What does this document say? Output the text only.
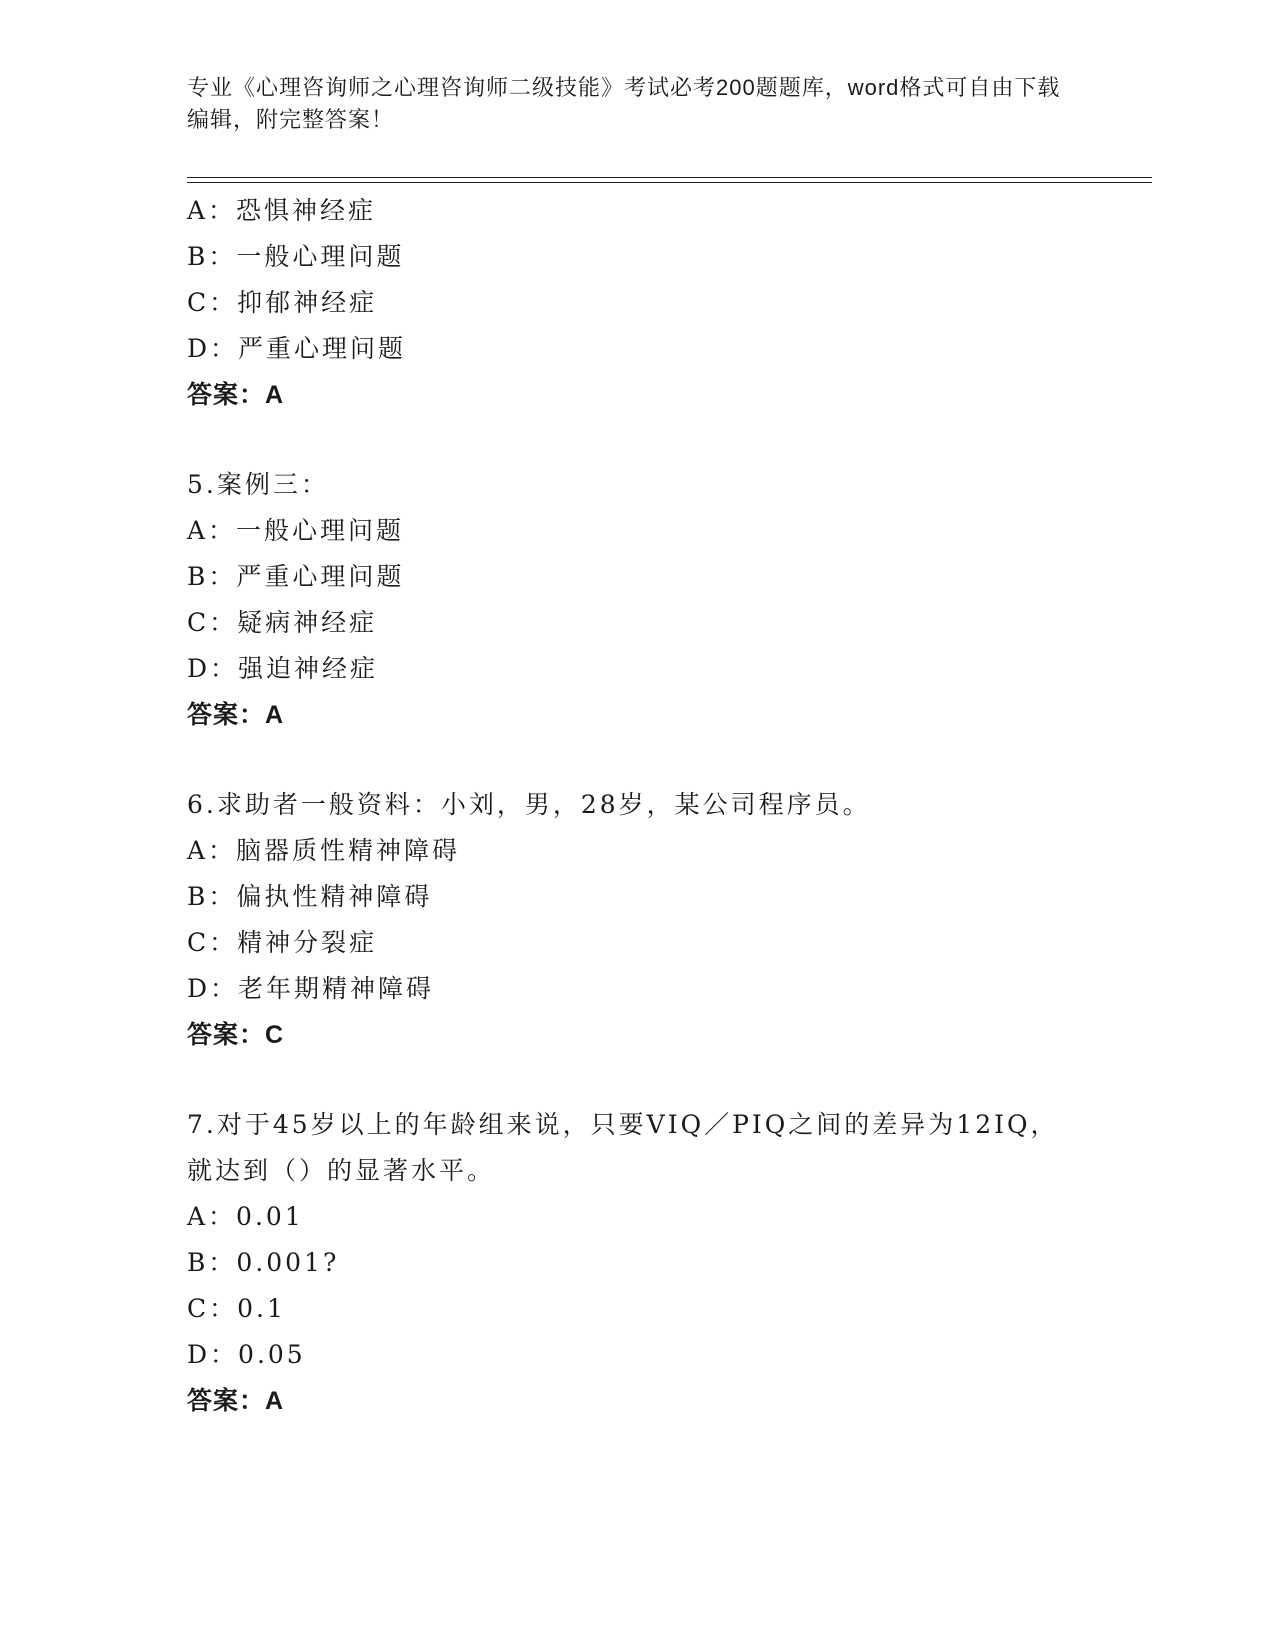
专业《心理咨询师之心理咨询师二级技能》考试必考200题题库，word格式可自由下载编辑，附完整答案！

A：恐惧神经症
B：一般心理问题
C：抑郁神经症
D：严重心理问题
答案：A
5.案例三：
A：一般心理问题
B：严重心理问题
C：疑病神经症
D：强迫神经症
答案：A
6.求助者一般资料：小刘，男，28岁，某公司程序员。
A：脑器质性精神障碍
B：偏执性精神障碍
C：精神分裂症
D：老年期精神障碍
答案：C
7.对于45岁以上的年龄组来说，只要VIQ／PIQ之间的差异为12IQ，
就达到（）的显著水平。
A：0.01
B：0.001?
C：0.1
D：0.05
答案：A
